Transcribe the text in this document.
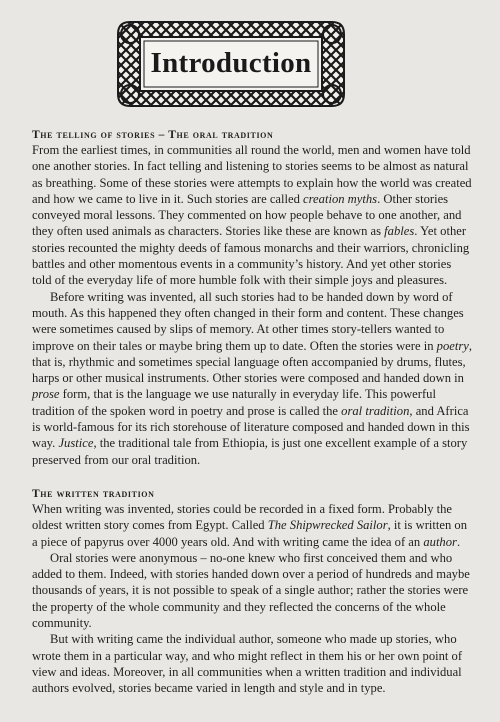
Introduction
The telling of stories – The oral tradition

From the earliest times, in communities all round the world, men and women have told one another stories. In fact telling and listening to stories seems to be almost as natural as breathing. Some of these stories were attempts to explain how the world was created and how we came to live in it. Such stories are called creation myths. Other stories conveyed moral lessons. They commented on how people behave to one another, and they often used animals as characters. Stories like these are known as fables. Yet other stories recounted the mighty deeds of famous monarchs and their warriors, chronicling battles and other momentous events in a community’s history. And yet other stories told of the everyday life of more humble folk with their simple joys and pleasures.

Before writing was invented, all such stories had to be handed down by word of mouth. As this happened they often changed in their form and content. These changes were sometimes caused by slips of memory. At other times story-tellers wanted to improve on their tales or maybe bring them up to date. Often the stories were in poetry, that is, rhythmic and sometimes special language often accompanied by drums, flutes, harps or other musical instruments. Other stories were composed and handed down in prose form, that is the language we use naturally in everyday life. This powerful tradition of the spoken word in poetry and prose is called the oral tradition, and Africa is world-famous for its rich storehouse of literature composed and handed down in this way. Justice, the traditional tale from Ethiopia, is just one excellent example of a story preserved from our oral tradition.

The written tradition

When writing was invented, stories could be recorded in a fixed form. Probably the oldest written story comes from Egypt. Called The Shipwrecked Sailor, it is written on a piece of papyrus over 4000 years old. And with writing came the idea of an author.

Oral stories were anonymous – no-one knew who first conceived them and who added to them. Indeed, with stories handed down over a period of hundreds and maybe thousands of years, it is not possible to speak of a single author; rather the stories were the property of the whole community and they reflected the concerns of the whole community.

But with writing came the individual author, someone who made up stories, who wrote them in a particular way, and who might reflect in them his or her own point of view and ideas. Moreover, in all communities when a written tradition and individual authors evolved, stories became varied in length and style and in type.
